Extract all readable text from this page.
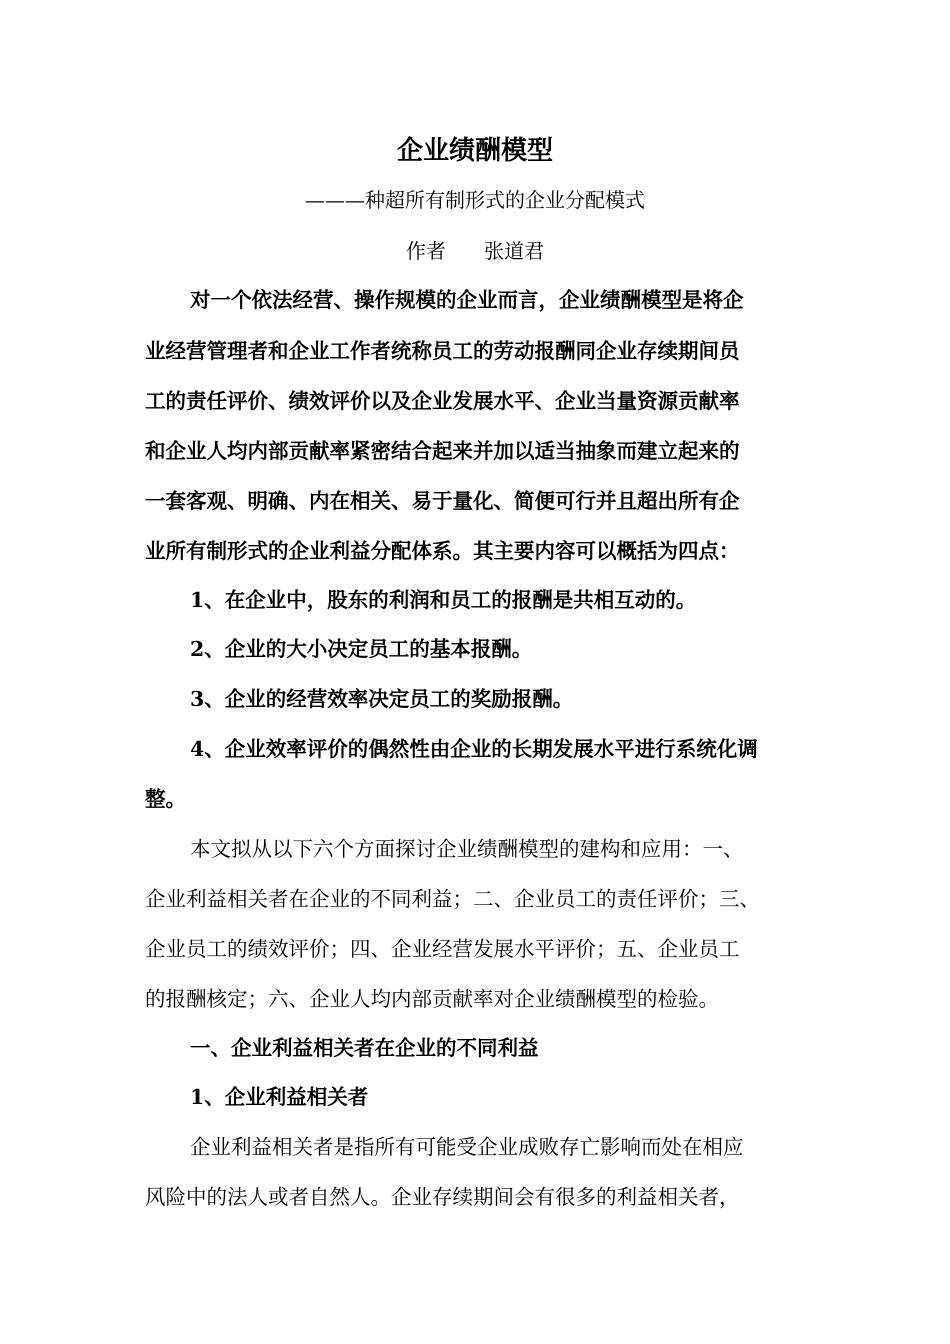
企业绩酬模型
———种超所有制形式的企业分配模式
作者      张道君
对一个依法经营、操作规模的企业而言，企业绩酬模型是将企
业经营管理者和企业工作者统称员工的劳动报酬同企业存续期间员
工的责任评价、绩效评价以及企业发展水平、企业当量资源贡献率
和企业人均内部贡献率紧密结合起来并加以适当抽象而建立起来的
一套客观、明确、内在相关、易于量化、简便可行并且超出所有企
业所有制形式的企业利益分配体系。其主要内容可以概括为四点：
1、在企业中，股东的利润和员工的报酬是共相互动的。
2、企业的大小决定员工的基本报酬。
3、企业的经营效率决定员工的奖励报酬。
4、企业效率评价的偶然性由企业的长期发展水平进行系统化调
整。
本文拟从以下六个方面探讨企业绩酬模型的建构和应用：一、
企业利益相关者在企业的不同利益；二、企业员工的责任评价；三、
企业员工的绩效评价；四、企业经营发展水平评价；五、企业员工
的报酬核定；六、企业人均内部贡献率对企业绩酬模型的检验。
一、企业利益相关者在企业的不同利益
1、企业利益相关者
企业利益相关者是指所有可能受企业成败存亡影响而处在相应
风险中的法人或者自然人。企业存续期间会有很多的利益相关者，
